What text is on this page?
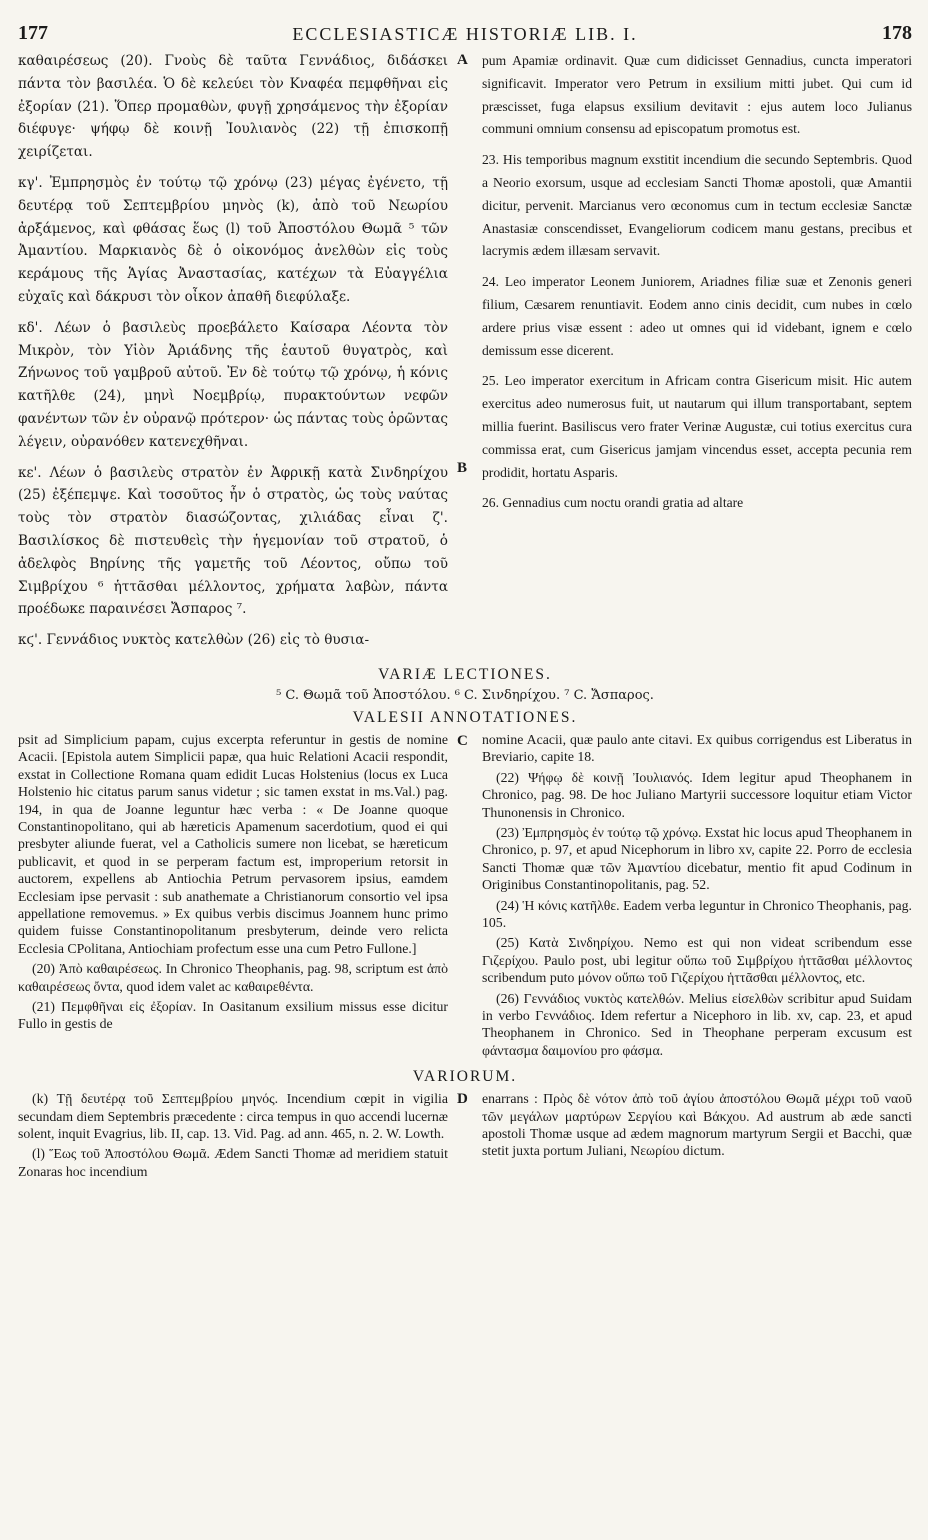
177	ECCLESIASTICÆ HISTORIÆ LIB. I.	178

καθαιρέσεως (20). Γνοὺς δὲ ταῦτα Γεννάδιος, διδάσκει πάντα τὸν βασιλέα. Ὁ δὲ κελεύει τὸν Κναφέα πεμφθῆναι εἰς ἐξορίαν (21). Ὅπερ προμαθὼν, φυγῇ χρησάμενος τὴν ἐξορίαν διέφυγε· ψήφῳ δὲ κοινῇ Ἰουλιανὸς (22) τῇ ἐπισκοπῇ χειρίζεται.

κγ'. Ἐμπρησμὸς ἐν τούτῳ τῷ χρόνῳ (23) μέγας ἐγένετο, τῇ δευτέρᾳ τοῦ Σεπτεμβρίου μηνὸς (k), ἀπὸ τοῦ Νεωρίου ἀρξάμενος, καὶ φθάσας ἕως (l) τοῦ Ἀποστόλου Θωμᾶ ⁵ τῶν Ἀμαντίου. Μαρκιανὸς δὲ ὁ οἰκονόμος ἀνελθὼν εἰς τοὺς κεράμους τῆς Ἁγίας Ἀναστασίας, κατέχων τὰ Εὐαγγέλια εὐχαῖς καὶ δάκρυσι τὸν οἶκον ἀπαθῆ διεφύλαξε.

κδ'. Λέων ὁ βασιλεὺς προεβάλετο Καίσαρα Λέοντα τὸν Μικρὸν, τὸν Υἱὸν Ἀριάδνης τῆς ἑαυτοῦ θυγατρὸς, καὶ Ζήνωνος τοῦ γαμβροῦ αὐτοῦ. Ἐν δὲ τούτῳ τῷ χρόνῳ, ἡ κόνις κατῆλθε (24), μηνὶ Νοεμβρίῳ, πυρακτούντων νεφῶν φανέντων τῶν ἐν οὐρανῷ πρότερον· ὡς πάντας τοὺς ὁρῶντας λέγειν, οὐρανόθεν κατενεχθῆναι.

κε'. Λέων ὁ βασιλεὺς στρατὸν ἐν Ἀφρικῇ κατὰ Σινδηρίχου (25) ἐξέπεμψε. Καὶ τοσοῦτος ἦν ὁ στρατὸς, ὡς τοὺς ναύτας τοὺς τὸν στρατὸν διασώζοντας, χιλιάδας εἶναι ζ'. Βασιλίσκος δὲ πιστευθεὶς τὴν ἡγεμονίαν τοῦ στρατοῦ, ὁ ἀδελφὸς Βηρίνης τῆς γαμετῆς τοῦ Λέοντος, οὔπω τοῦ Σιμβρίχου ⁶ ἡττᾶσθαι μέλλοντος, χρήματα λαβὼν, πάντα προέδωκε παραινέσει Ἄσπαρος ⁷.

κϛ'. Γεννάδιος νυκτὸς κατελθὼν (26) εἰς τὸ θυσια-

A
B

pum Apamiæ ordinavit. Quæ cum didicisset Gennadius, cuncta imperatori significavit. Imperator vero Petrum in exsilium mitti jubet. Qui cum id præscisset, fuga elapsus exsilium devitavit : ejus autem loco Julianus communi omnium consensu ad episcopatum promotus est.

23. His temporibus magnum exstitit incendium die secundo Septembris. Quod a Neorio exorsum, usque ad ecclesiam Sancti Thomæ apostoli, quæ Amantii dicitur, pervenit. Marcianus vero œconomus cum in tectum ecclesiæ Sanctæ Anastasiæ conscendisset, Evangeliorum codicem manu gestans, precibus et lacrymis ædem illæsam servavit.

24. Leo imperator Leonem Juniorem, Ariadnes filiæ suæ et Zenonis generi filium, Cæsarem renuntiavit. Eodem anno cinis decidit, cum nubes in cœlo ardere prius visæ essent : adeo ut omnes qui id videbant, ignem e cœlo demissum esse dicerent.

25. Leo imperator exercitum in Africam contra Gisericum misit. Hic autem exercitus adeo numerosus fuit, ut nautarum qui illum transportabant, septem millia fuerint. Basiliscus vero frater Verinæ Augustæ, cui totius exercitus cura commissa erat, cum Gisericus jamjam vincendus esset, accepta pecunia rem prodidit, hortatu Asparis.

26. Gennadius cum noctu orandi gratia ad altare

VARIÆ LECTIONES.
⁵ C. Θωμᾶ τοῦ Ἀποστόλου. ⁶ C. Σινδηρίχου. ⁷ C. Ἄσπαρος.
VALESII ANNOTATIONES.

psit ad Simplicium papam, cujus excerpta referuntur in gestis de nomine Acacii. [Epistola autem Simplicii papæ, qua huic Relationi Acacii respondit, exstat in Collectione Romana quam edidit Lucas Holstenius (locus ex Luca Holstenio hic citatus parum sanus videtur ; sic tamen exstat in ms.Val.) pag. 194, in qua de Joanne leguntur hæc verba : « De Joanne quoque Constantinopolitano, qui ab hæreticis Apamenum sacerdotium, quod ei qui presbyter aliunde fuerat, vel a Catholicis sumere non licebat, se hæreticum publicavit, et quod in se perperam factum est, improperium retorsit in auctorem, expellens ab Antiochia Petrum pervasorem ipsius, eamdem Ecclesiam ipse pervasit : sub anathemate a Christianorum consortio vel ipsa appellatione removemus. » Ex quibus verbis discimus Joannem hunc primo quidem fuisse Constantinopolitanum presbyterum, deinde vero relicta Ecclesia CPolitana, Antiochiam profectum esse una cum Petro Fullone.]

(20) Ἀπὸ καθαιρέσεως. In Chronico Theophanis, pag. 98, scriptum est ἀπὸ καθαιρέσεως ὄντα, quod idem valet ac καθαιρεθέντα.

(21) Πεμφθῆναι εἰς ἐξορίαν. In Oasitanum exsilium missus esse dicitur Fullo in gestis de

C
D

nomine Acacii, quæ paulo ante citavi. Ex quibus corrigendus est Liberatus in Breviario, capite 18.

(22) Ψήφῳ δὲ κοινῇ Ἰουλιανός. Idem legitur apud Theophanem in Chronico, pag. 98. De hoc Juliano Martyrii successore loquitur etiam Victor Thunonensis in Chronico.

(23) Ἐμπρησμὸς ἐν τούτῳ τῷ χρόνῳ. Exstat hic locus apud Theophanem in Chronico, p. 97, et apud Nicephorum in libro xv, capite 22. Porro de ecclesia Sancti Thomæ quæ τῶν Ἀμαντίου dicebatur, mentio fit apud Codinum in Originibus Constantinopolitanis, pag. 52.

(24) Ἡ κόνις κατῆλθε. Eadem verba leguntur in Chronico Theophanis, pag. 105.

(25) Κατὰ Σινδηρίχου. Nemo est qui non videat scribendum esse Γιζερίχου. Paulo post, ubi legitur οὔπω τοῦ Σιμβρίχου ἡττᾶσθαι μέλλοντος scribendum puto μόνον οὔπω τοῦ Γιζερίχου ἡττᾶσθαι μέλλοντος, etc.

(26) Γεννάδιος νυκτὸς κατελθών. Melius εἰσελθὼν scribitur apud Suidam in verbo Γεννάδιος. Idem refertur a Nicephoro in lib. xv, cap. 23, et apud Theophanem in Chronico. Sed in Theophane perperam excusum est φάντασμα δαιμονίου pro φάσμα.

VARIORUM.

(k) Τῇ δευτέρᾳ τοῦ Σεπτεμβρίου μηνός. Incendium cœpit in vigilia secundam diem Septembris præcedente : circa tempus in quo accendi lucernæ solent, inquit Evagrius, lib. II, cap. 13. Vid. Pag. ad ann. 465, n. 2. W. Lowth.

(l) Ἕως τοῦ Ἀποστόλου Θωμᾶ. Ædem Sancti Thomæ ad meridiem statuit Zonaras hoc incendium

enarrans : Πρὸς δὲ νότον ἀπὸ τοῦ ἁγίου ἀποστόλου Θωμᾶ μέχρι τοῦ ναοῦ τῶν μεγάλων μαρτύρων Σεργίου καὶ Βάκχου. Ad austrum ab æde sancti apostoli Thomæ usque ad ædem magnorum martyrum Sergii et Bacchi, quæ stetit juxta portum Juliani, Νεωρίου dictum.
